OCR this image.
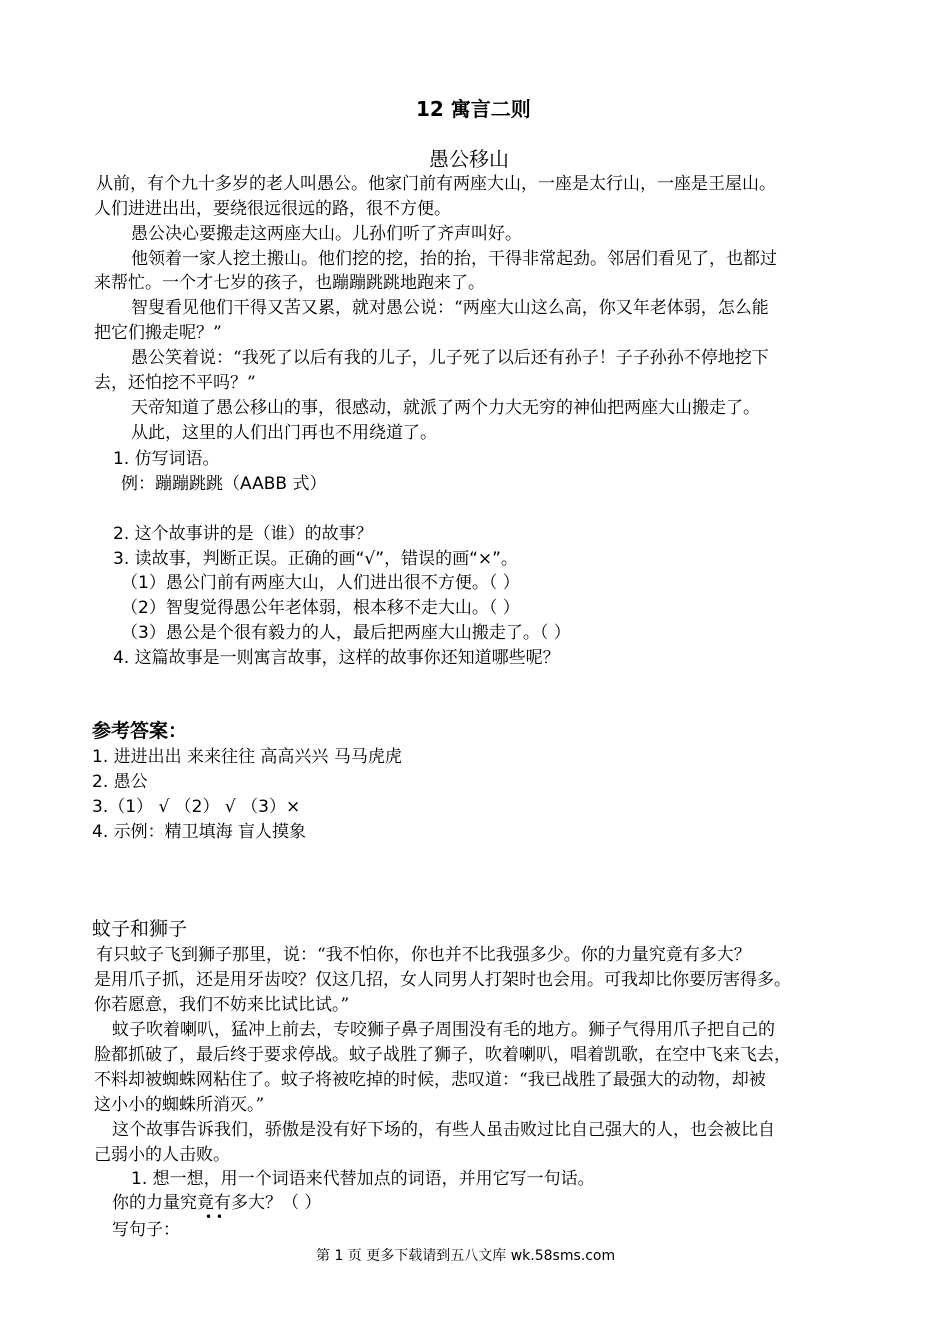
12 寓言二则
愚公移山
从前，有个九十多岁的老人叫愚公。他家门前有两座大山，一座是太行山，一座是王屋山。
人们进进出出，要绕很远很远的路，很不方便。
愚公决心要搬走这两座大山。儿孙们听了齐声叫好。
他领着一家人挖土搬山。他们挖的挖，抬的抬，干得非常起劲。邻居们看见了，也都过
来帮忙。一个才七岁的孩子，也蹦蹦跳跳地跑来了。
智叟看见他们干得又苦又累，就对愚公说：“两座大山这么高，你又年老体弱，怎么能
把它们搬走呢？”
愚公笑着说：“我死了以后有我的儿子，儿子死了以后还有孙子！子子孙孙不停地挖下
去，还怕挖不平吗？”
天帝知道了愚公移山的事，很感动，就派了两个力大无穷的神仙把两座大山搬走了。
从此，这里的人们出门再也不用绕道了。
1. 仿写词语。
例：蹦蹦跳跳（AABB 式）
2. 这个故事讲的是（谁）的故事？
3. 读故事，判断正误。正确的画“√”，错误的画“×”。
（1）愚公门前有两座大山，人们进出很不方便。（ ）
（2）智叟觉得愚公年老体弱，根本移不走大山。（ ）
（3）愚公是个很有毅力的人，最后把两座大山搬走了。（ ）
4. 这篇故事是一则寓言故事，这样的故事你还知道哪些呢？
参考答案：
1. 进进出出 来来往往 高高兴兴 马马虎虎
2. 愚公
3.（1） √ （2） √ （3）×
4. 示例：精卫填海 盲人摸象
蚊子和狮子
有只蚊子飞到狮子那里，说：“我不怕你，你也并不比我强多少。你的力量究竟有多大？
是用爪子抓，还是用牙齿咬？仅这几招，女人同男人打架时也会用。可我却比你要厉害得多。
你若愿意，我们不妨来比试比试。”
蚊子吹着喇叭，猛冲上前去，专咬狮子鼻子周围没有毛的地方。狮子气得用爪子把自己的
脸都抓破了，最后终于要求停战。蚊子战胜了狮子，吹着喇叭，唱着凯歌，在空中飞来飞去，
不料却被蜘蛛网粘住了。蚊子将被吃掉的时候，悲叹道：“我已战胜了最强大的动物，却被
这小小的蜘蛛所消灭。”
这个故事告诉我们，骄傲是没有好下场的，有些人虽击败过比自己强大的人，也会被比自
己弱小的人击败。
1. 想一想，用一个词语来代替加点的词语，并用它写一句话。
你的力量究竟有多大？（ ）
• •
写句子：
第 1 页 更多下载请到五八文库 wk.58sms.com
